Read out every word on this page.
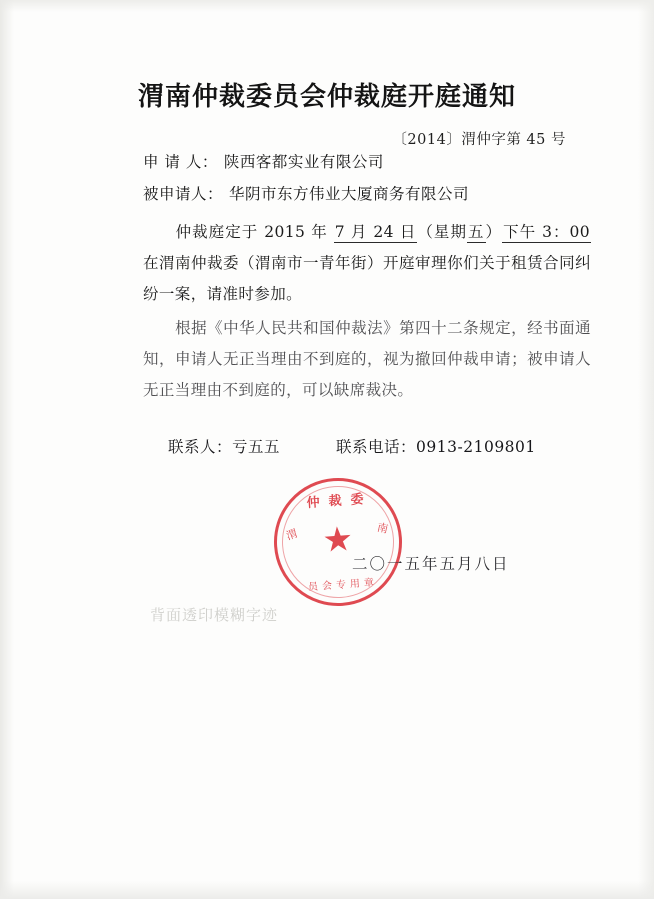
渭南仲裁委员会仲裁庭开庭通知
〔2014〕渭仲字第 45 号
申 请 人： 陕西客都实业有限公司
被申请人： 华阴市东方伟业大厦商务有限公司
仲裁庭定于 2015 年 7 月 24 日（星期五）下午 3：00在渭南仲裁委（渭南市一青年街）开庭审理你们关于租赁合同纠纷一案，请准时参加。
根据《中华人民共和国仲裁法》第四十二条规定，经书面通知，申请人无正当理由不到庭的，视为撤回仲裁申请；被申请人无正当理由不到庭的，可以缺席裁决。
联系人：亏五五	联系电话：0913-2109801
仲裁委
渭	南
★
员会专用章
二〇一五年五月八日
背面透印模糊字迹
